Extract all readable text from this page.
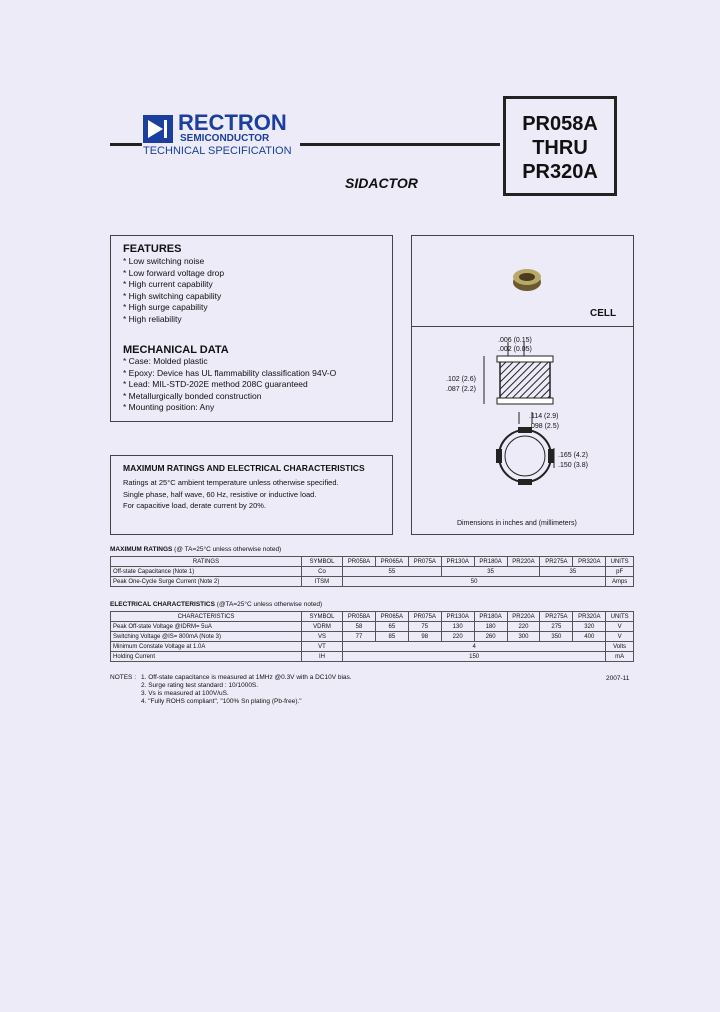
RECTRON
SEMICONDUCTOR
TECHNICAL SPECIFICATION
PR058A
THRU
PR320A
SIDACTOR
FEATURES
* Low switching noise
* Low forward voltage drop
* High current capability
* High switching capability
* High surge capability
* High reliability
MECHANICAL DATA
* Case: Molded plastic
* Epoxy: Device has UL flammability classification 94V-O
* Lead: MIL-STD-202E method 208C guaranteed
* Metallurgically bonded construction
* Mounting position: Any
MAXIMUM RATINGS AND ELECTRICAL CHARACTERISTICS
Ratings at 25°C ambient temperature unless otherwise specified.
Single phase, half wave, 60 Hz, resistive or inductive load.
For capacitive load, derate current by 20%.
CELL
.006 (0.15)
.002 (0.05)
.102 (2.6)
.087 (2.2)
.114 (2.9)
.098 (2.5)
.165 (4.2)
.150 (3.8)
Dimensions in inches and (millimeters)
MAXIMUM RATINGS (@ TA=25°C unless otherwise noted)
RATINGS	SYMBOL	PR058A	PR065A	PR075A	PR130A	PR180A	PR220A	PR275A	PR320A	UNITS
Off-state Capacitance (Note 1)	Co	55			35			35		pF
Peak One-Cycle Surge Current (Note 2)	ITSM	50								Amps
ELECTRICAL CHARACTERISTICS (@TA=25°C unless otherwise noted)
CHARACTERISTICS	SYMBOL	PR058A	PR065A	PR075A	PR130A	PR180A	PR220A	PR275A	PR320A	UNITS
Peak Off-state Voltage @IDRM= 5uA	VDRM	58	65	75	130	180	220	275	320	V
Switching Voltage @IS= 800mA (Note 3)	VS	77	85	98	220	260	300	350	400	V
Minimum Constate Voltage at 1.0A	VT	4								Volts
Holding Current	IH	150								mA
NOTES : 1. Off-state capacitance is measured at 1MHz @0.3V with a DC10V bias.
2. Surge rating test standard : 10/1000S.
3. Vs is measured at 100V/uS.
4. "Fully ROHS compliant", "100% Sn plating (Pb-free)."
2007-11
